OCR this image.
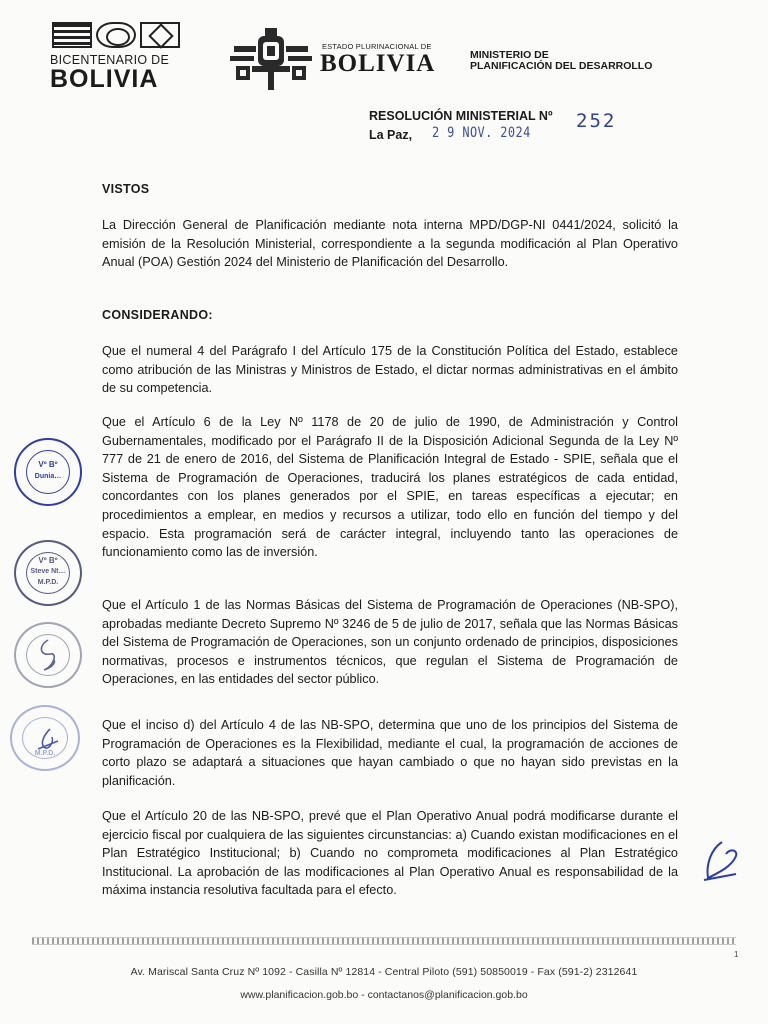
BICENTENARIO DE
BOLIVIA
ESTADO PLURINACIONAL DE
BOLIVIA	MINISTERIO DE
PLANIFICACIÓN DEL DESARROLLO
RESOLUCIÓN MINISTERIAL Nº 252
La Paz, 2 9 NOV. 2024
VISTOS
La Dirección General de Planificación mediante nota interna MPD/DGP-NI 0441/2024, solicitó la emisión de la Resolución Ministerial, correspondiente a la segunda modificación al Plan Operativo Anual (POA) Gestión 2024 del Ministerio de Planificación del Desarrollo.
CONSIDERANDO:
Que el numeral 4 del Parágrafo I del Artículo 175 de la Constitución Política del Estado, establece como atribución de las Ministras y Ministros de Estado, el dictar normas administrativas en el ámbito de su competencia.
Que el Artículo 6 de la Ley Nº 1178 de 20 de julio de 1990, de Administración y Control Gubernamentales, modificado por el Parágrafo II de la Disposición Adicional Segunda de la Ley Nº 777 de 21 de enero de 2016, del Sistema de Planificación Integral de Estado - SPIE, señala que el Sistema de Programación de Operaciones, traducirá los planes estratégicos de cada entidad, concordantes con los planes generados por el SPIE, en tareas específicas a ejecutar; en procedimientos a emplear, en medios y recursos a utilizar, todo ello en función del tiempo y del espacio. Esta programación será de carácter integral, incluyendo tanto las operaciones de funcionamiento como las de inversión.
Que el Artículo 1 de las Normas Básicas del Sistema de Programación de Operaciones (NB-SPO), aprobadas mediante Decreto Supremo Nº 3246 de 5 de julio de 2017, señala que las Normas Básicas del Sistema de Programación de Operaciones, son un conjunto ordenado de principios, disposiciones normativas, procesos e instrumentos técnicos, que regulan el Sistema de Programación de Operaciones, en las entidades del sector público.
Que el inciso d) del Artículo 4 de las NB-SPO, determina que uno de los principios del Sistema de Programación de Operaciones es la Flexibilidad, mediante el cual, la programación de acciones de corto plazo se adaptará a situaciones que hayan cambiado o que no hayan sido previstas en la planificación.
Que el Artículo 20 de las NB-SPO, prevé que el Plan Operativo Anual podrá modificarse durante el ejercicio fiscal por cualquiera de las siguientes circunstancias: a) Cuando existan modificaciones en el Plan Estratégico Institucional; b) Cuando no comprometa modificaciones al Plan Estratégico Institucional. La aprobación de las modificaciones al Plan Operativo Anual es responsabilidad de la máxima instancia resolutiva facultada para el efecto.
Vº Bº
Dunia…
Vº Bº
Steve Nt…
M.P.D.
M.P.D.
1
Av. Mariscal Santa Cruz Nº 1092 - Casilla Nº 12814 - Central Piloto (591) 50850019 - Fax (591-2) 2312641
www.planificacion.gob.bo - contactanos@planificacion.gob.bo
